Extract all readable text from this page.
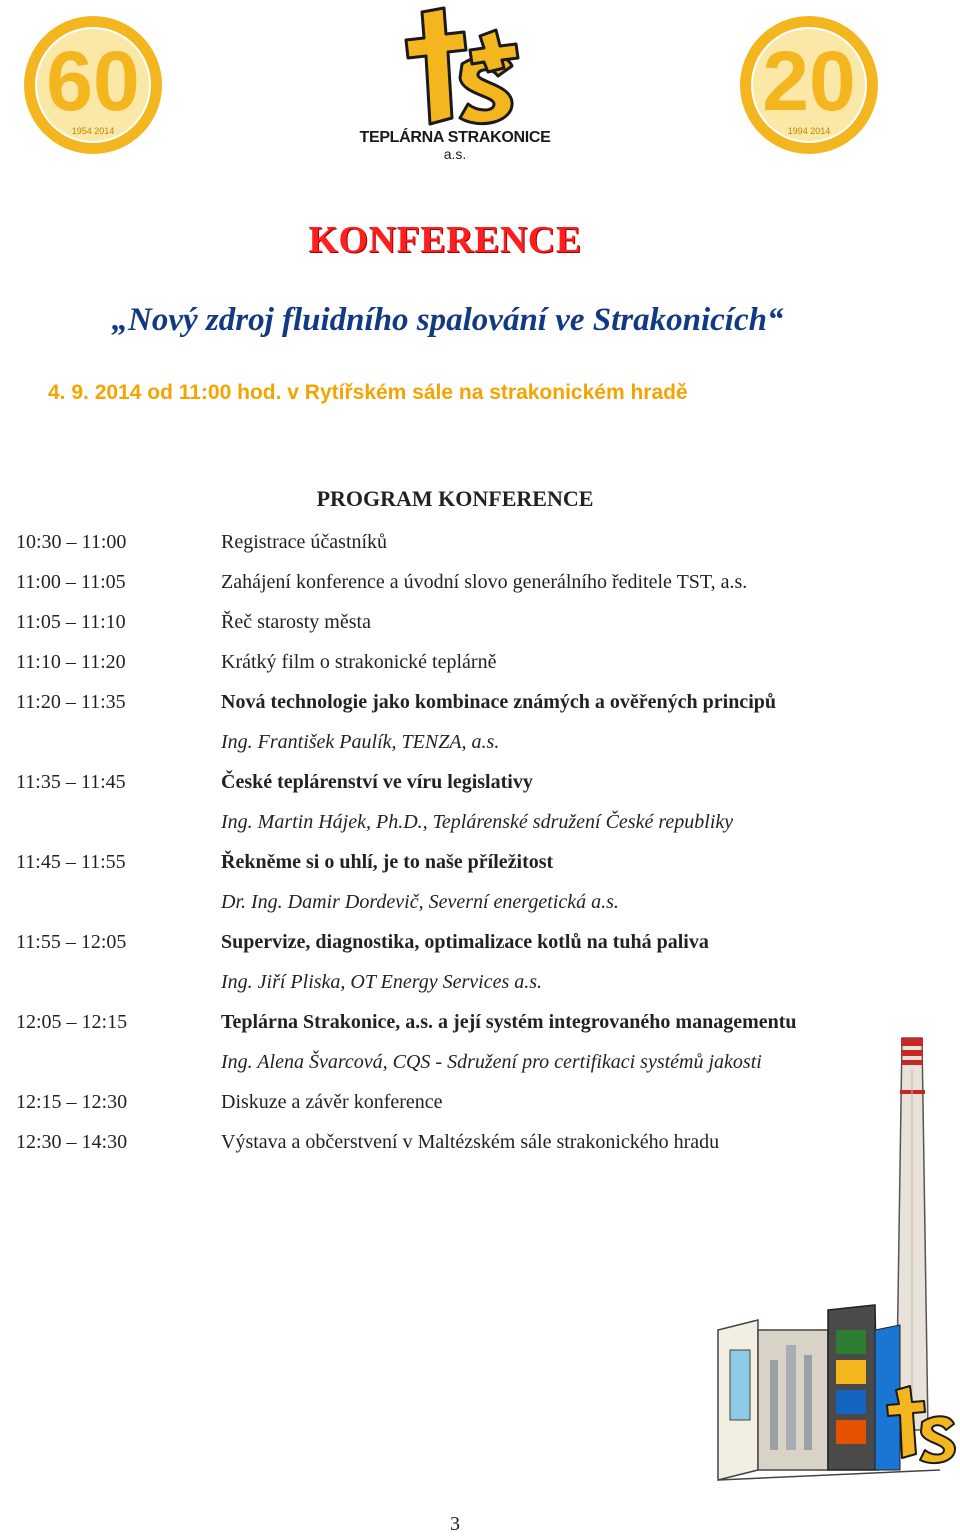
60
1954 2014
20
1994 2014
TEPLÁRNA STRAKONICE
a.s.
KONFERENCE
„Nový zdroj fluidního spalování ve Strakonicích“
4. 9. 2014 od 11:00 hod. v Rytířském sále na strakonickém hradě
PROGRAM KONFERENCE
10:30 – 11:00	Registrace účastníků
11:00 – 11:05	Zahájení konference a úvodní slovo generálního ředitele TST, a.s.
11:05 – 11:10	Řeč starosty města
11:10 – 11:20	Krátký film o strakonické teplárně
11:20 – 11:35	Nová technologie jako kombinace známých a ověřených principů
Ing. František Paulík, TENZA, a.s.
11:35 – 11:45	České teplárenství ve víru legislativy
Ing. Martin Hájek, Ph.D., Teplárenské sdružení České republiky
11:45 – 11:55	Řekněme si o uhlí, je to naše příležitost
Dr. Ing. Damir Dordevič, Severní energetická a.s.
11:55 – 12:05	Supervize, diagnostika, optimalizace kotlů na tuhá paliva
Ing. Jiří Pliska, OT Energy Services a.s.
12:05 – 12:15	Teplárna Strakonice, a.s. a její systém integrovaného managementu
Ing. Alena Švarcová, CQS - Sdružení pro certifikaci systémů jakosti
12:15 – 12:30	Diskuze a závěr konference
12:30 – 14:30	Výstava a občerstvení v Maltézském sále strakonického hradu
3
